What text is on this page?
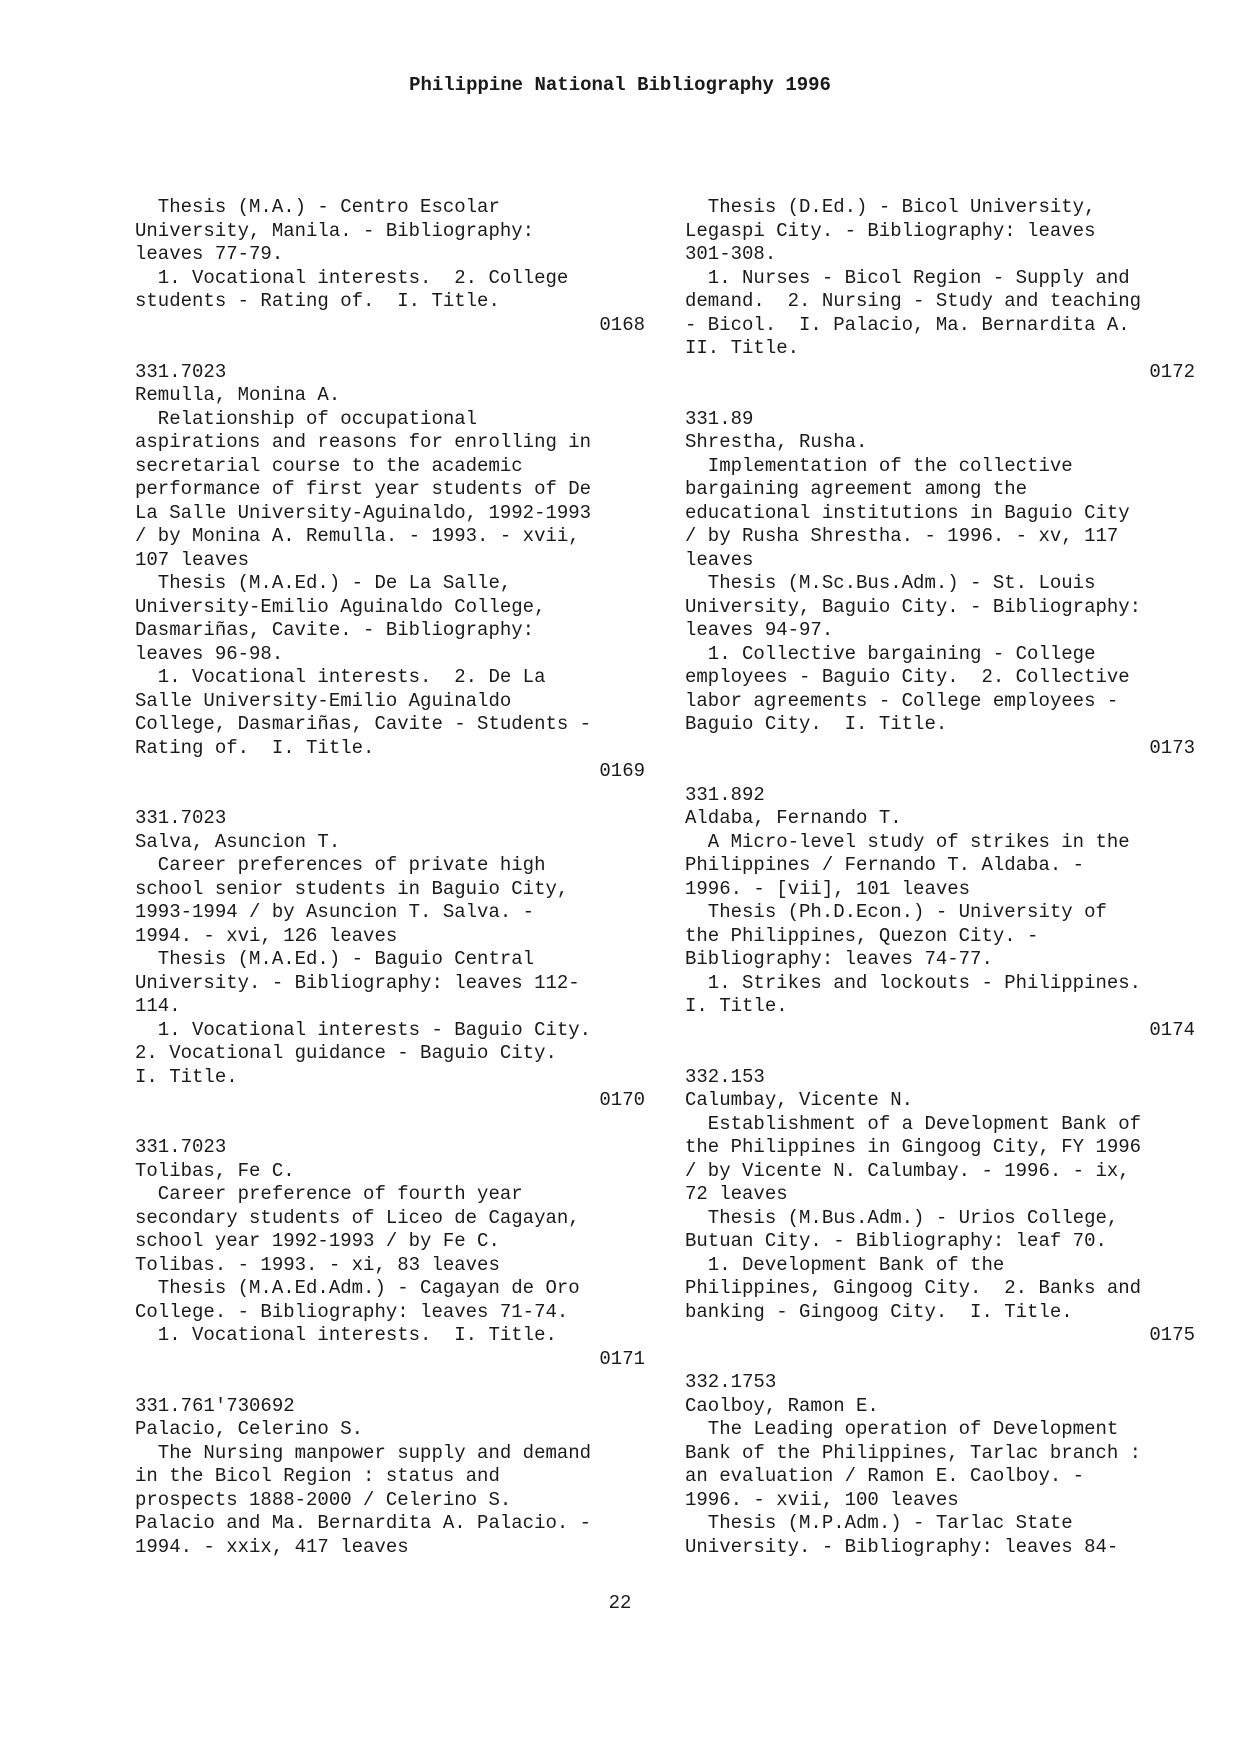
Philippine National Bibliography 1996
Thesis (M.A.) - Centro Escolar
University, Manila. - Bibliography:
leaves 77-79.
1. Vocational interests.  2. College
students - Rating of.  I. Title.
0168
331.7023
Remulla, Monina A.
Relationship of occupational
aspirations and reasons for enrolling in
secretarial course to the academic
performance of first year students of De
La Salle University-Aguinaldo, 1992-1993
/ by Monina A. Remulla. - 1993. - xvii,
107 leaves
Thesis (M.A.Ed.) - De La Salle,
University-Emilio Aguinaldo College,
Dasmariñas, Cavite. - Bibliography:
leaves 96-98.
1. Vocational interests.  2. De La
Salle University-Emilio Aguinaldo
College, Dasmariñas, Cavite - Students -
Rating of.  I. Title.
0169
331.7023
Salva, Asuncion T.
Career preferences of private high
school senior students in Baguio City,
1993-1994 / by Asuncion T. Salva. -
1994. - xvi, 126 leaves
Thesis (M.A.Ed.) - Baguio Central
University. - Bibliography: leaves 112-
114.
1. Vocational interests - Baguio City.
2. Vocational guidance - Baguio City.
I. Title.
0170
331.7023
Tolibas, Fe C.
Career preference of fourth year
secondary students of Liceo de Cagayan,
school year 1992-1993 / by Fe C.
Tolibas. - 1993. - xi, 83 leaves
Thesis (M.A.Ed.Adm.) - Cagayan de Oro
College. - Bibliography: leaves 71-74.
1. Vocational interests.  I. Title.
0171
331.761'730692
Palacio, Celerino S.
The Nursing manpower supply and demand
in the Bicol Region : status and
prospects 1888-2000 / Celerino S.
Palacio and Ma. Bernardita A. Palacio. -
1994. - xxix, 417 leaves
Thesis (D.Ed.) - Bicol University,
Legaspi City. - Bibliography: leaves
301-308.
1. Nurses - Bicol Region - Supply and
demand.  2. Nursing - Study and teaching
- Bicol.  I. Palacio, Ma. Bernardita A.
II. Title.
0172
331.89
Shrestha, Rusha.
Implementation of the collective
bargaining agreement among the
educational institutions in Baguio City
/ by Rusha Shrestha. - 1996. - xv, 117
leaves
Thesis (M.Sc.Bus.Adm.) - St. Louis
University, Baguio City. - Bibliography:
leaves 94-97.
1. Collective bargaining - College
employees - Baguio City.  2. Collective
labor agreements - College employees -
Baguio City.  I. Title.
0173
331.892
Aldaba, Fernando T.
A Micro-level study of strikes in the
Philippines / Fernando T. Aldaba. -
1996. - [vii], 101 leaves
Thesis (Ph.D.Econ.) - University of
the Philippines, Quezon City. -
Bibliography: leaves 74-77.
1. Strikes and lockouts - Philippines.
I. Title.
0174
332.153
Calumbay, Vicente N.
Establishment of a Development Bank of
the Philippines in Gingoog City, FY 1996
/ by Vicente N. Calumbay. - 1996. - ix,
72 leaves
Thesis (M.Bus.Adm.) - Urios College,
Butuan City. - Bibliography: leaf 70.
1. Development Bank of the
Philippines, Gingoog City.  2. Banks and
banking - Gingoog City.  I. Title.
0175
332.1753
Caolboy, Ramon E.
The Leading operation of Development
Bank of the Philippines, Tarlac branch :
an evaluation / Ramon E. Caolboy. -
1996. - xvii, 100 leaves
Thesis (M.P.Adm.) - Tarlac State
University. - Bibliography: leaves 84-
22
